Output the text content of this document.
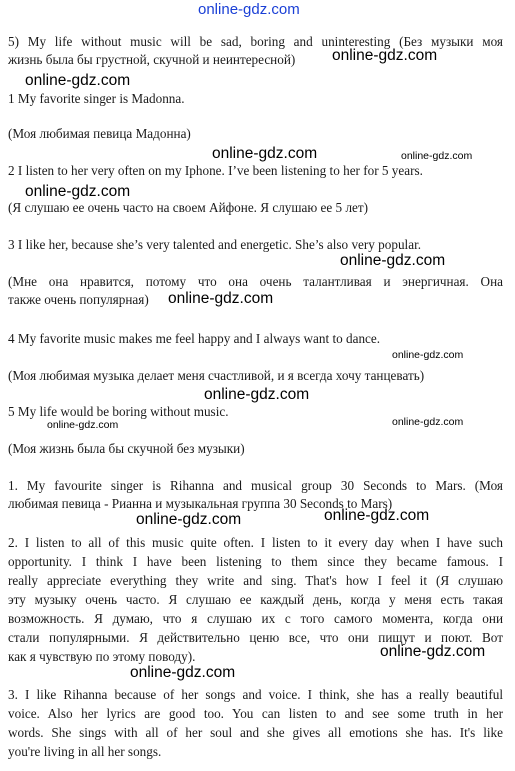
online-gdz.com
5) My life without music will be sad, boring and uninteresting (Без музыки моя
жизнь была бы грустной, скучной и неинтересной) online-gdz.com
online-gdz.com
1 My favorite singer is Madonna.
(Моя любимая певица Мадонна)
online-gdz.com	online-gdz.com
2 I listen to her very often on my Iphone. I’ve been listening to her for 5 years.
online-gdz.com
(Я слушаю ее очень часто на своем Айфоне. Я слушаю ее 5 лет)
3 I like her, because she’s very talented and energetic. She’s also very popular.
online-gdz.com
(Мне она нравится, потому что она очень талантливая и энергичная. Она
также очень популярная) online-gdz.com
4 My favorite music makes me feel happy and I always want to dance.
online-gdz.com
(Моя любимая музыка делает меня счастливой, и я всегда хочу танцевать)
online-gdz.com
5 My life would be boring without music.
online-gdz.com	online-gdz.com
(Моя жизнь была бы скучной без музыки)
1. My favourite singer is Rihanna and musical group 30 Seconds to Mars. (Моя
любимая певица - Рианна и музыкальная группа 30 Seconds to Mars)
online-gdz.com	online-gdz.com
2. I listen to all of this music quite often. I listen to it every day when I have such
opportunity. I think I have been listening to them since they became famous. I
really appreciate everything they write and sing. That's how I feel it (Я слушаю
эту музыку очень часто. Я слушаю ее каждый день, когда у меня есть такая
возможность. Я думаю, что я слушаю их с того самого момента, когда они
стали популярными. Я действительно ценю все, что они пищут и поют. Вот
как я чувствую по этому поводу).	online-gdz.com
online-gdz.com
3. I like Rihanna because of her songs and voice. I think, she has a really beautiful
voice. Also her lyrics are good too. You can listen to and see some truth in her
words. She sings with all of her soul and she gives all emotions she has. It's like
you're living in all her songs.
